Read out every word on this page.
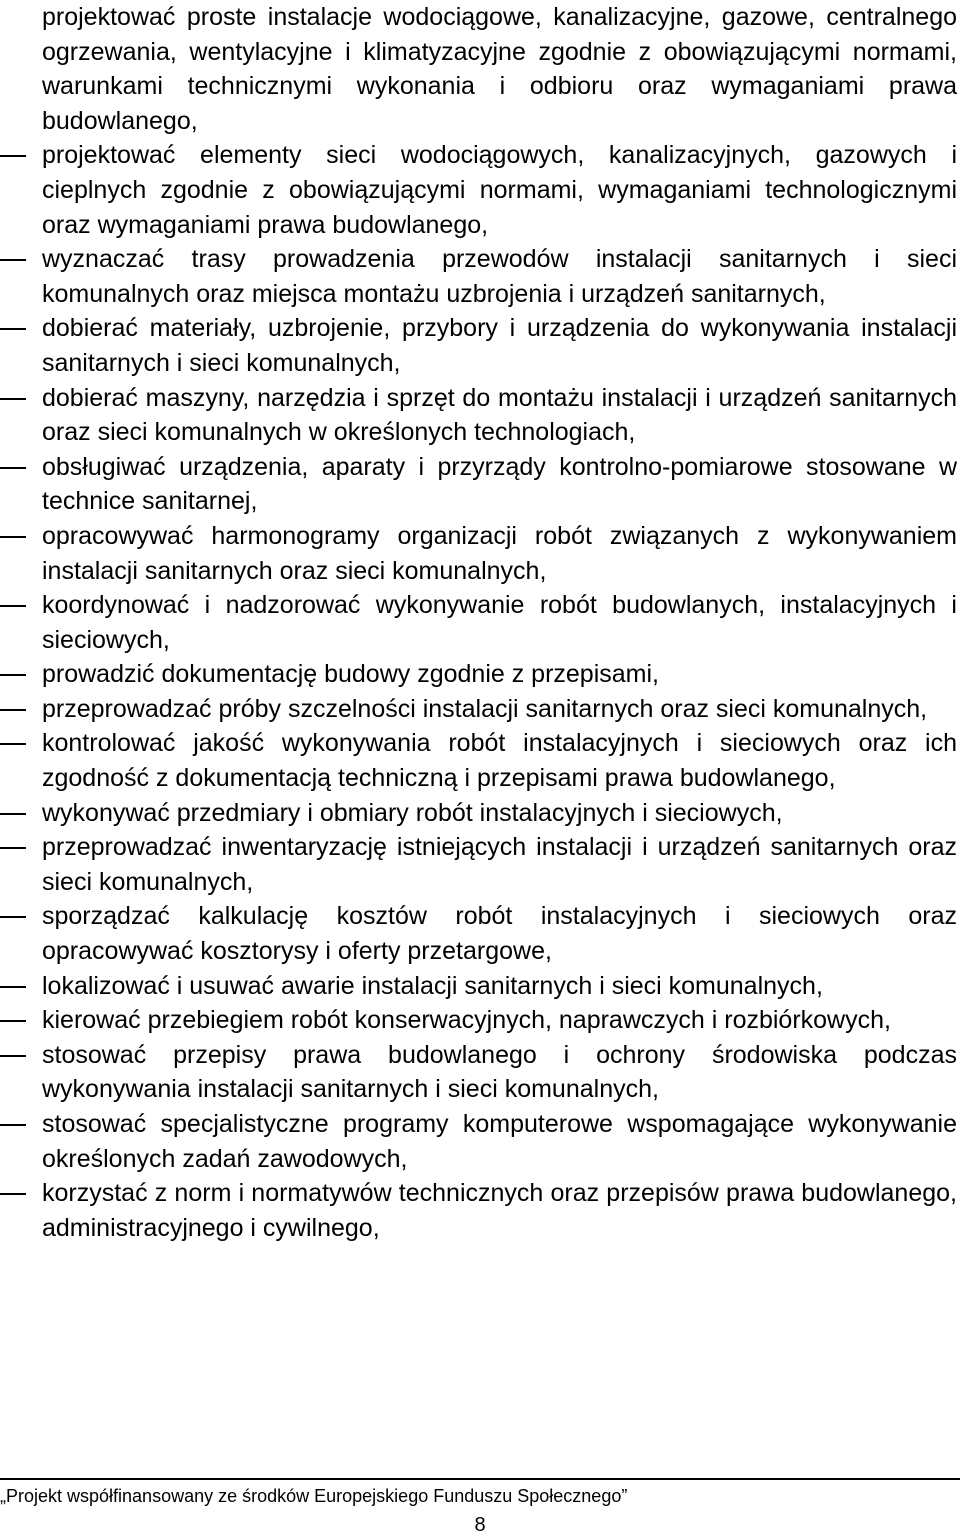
projektować proste instalacje wodociągowe, kanalizacyjne, gazowe, centralnego ogrzewania, wentylacyjne i klimatyzacyjne zgodnie z obowiązującymi normami, warunkami technicznymi wykonania i odbioru oraz wymaganiami prawa budowlanego,
projektować elementy sieci wodociągowych, kanalizacyjnych, gazowych i cieplnych zgodnie z obowiązującymi normami, wymaganiami technologicznymi oraz wymaganiami prawa budowlanego,
wyznaczać trasy prowadzenia przewodów instalacji sanitarnych i sieci komunalnych oraz miejsca montażu uzbrojenia i urządzeń sanitarnych,
dobierać materiały, uzbrojenie, przybory i urządzenia do wykonywania instalacji sanitarnych i sieci komunalnych,
dobierać maszyny, narzędzia i sprzęt do montażu instalacji i urządzeń sanitarnych oraz sieci komunalnych w określonych technologiach,
obsługiwać urządzenia, aparaty i przyrządy kontrolno-pomiarowe stosowane w technice sanitarnej,
opracowywać harmonogramy organizacji robót związanych z wykonywaniem instalacji sanitarnych oraz sieci komunalnych,
koordynować i nadzorować wykonywanie robót budowlanych, instalacyjnych i sieciowych,
prowadzić dokumentację budowy zgodnie z przepisami,
przeprowadzać próby szczelności instalacji sanitarnych oraz sieci komunalnych,
kontrolować jakość wykonywania robót instalacyjnych i sieciowych oraz ich zgodność z dokumentacją techniczną i przepisami prawa budowlanego,
wykonywać przedmiary i obmiary robót instalacyjnych i sieciowych,
przeprowadzać inwentaryzację istniejących instalacji i urządzeń sanitarnych oraz sieci komunalnych,
sporządzać kalkulację kosztów robót instalacyjnych i sieciowych oraz opracowywać kosztorysy i oferty przetargowe,
lokalizować i usuwać awarie instalacji sanitarnych i sieci komunalnych,
kierować przebiegiem robót konserwacyjnych, naprawczych i rozbiórkowych,
stosować przepisy prawa budowlanego i ochrony środowiska podczas wykonywania instalacji sanitarnych i sieci komunalnych,
stosować specjalistyczne programy komputerowe wspomagające wykonywanie określonych zadań zawodowych,
korzystać z norm i normatywów technicznych oraz przepisów prawa budowlanego, administracyjnego i cywilnego,
„Projekt współfinansowany ze środków Europejskiego Funduszu Społecznego”
8
